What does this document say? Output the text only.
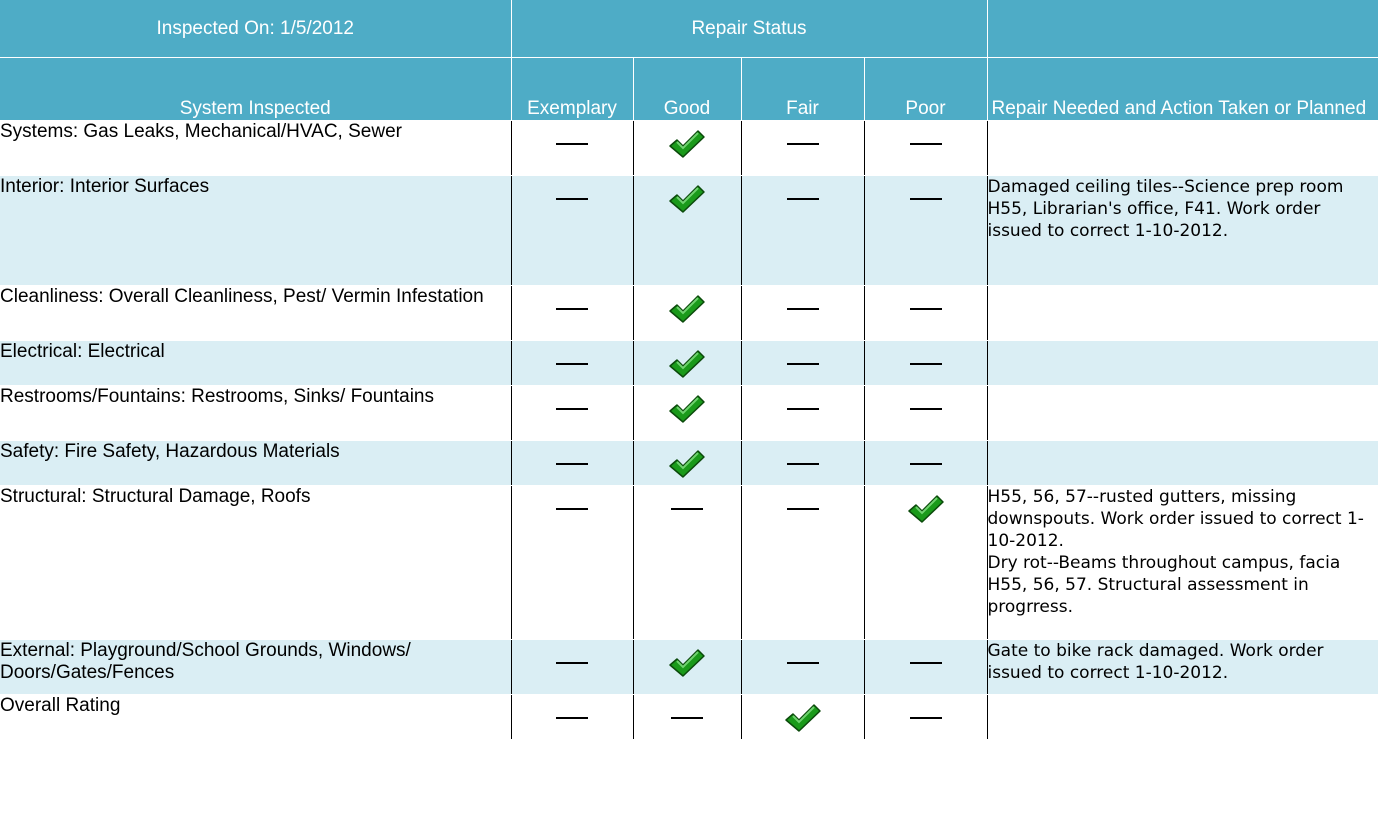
Inspected On: 1/5/2012	Repair Status				
System Inspected	Exemplary	Good	Fair	Poor	Repair Needed and Action Taken or Planned
Systems: Gas Leaks, Mechanical/HVAC, Sewer					
Interior: Interior Surfaces					Damaged ceiling tiles--Science prep room H55, Librarian's office, F41. Work order issued to correct 1-10-2012.

Cleanliness: Overall Cleanliness, Pest/ Vermin Infestation					
Electrical: Electrical					
Restrooms/Fountains: Restrooms, Sinks/ Fountains					
Safety: Fire Safety, Hazardous Materials					
Structural: Structural Damage, Roofs					H55, 56, 57--rusted gutters, missing downspouts. Work order issued to correct 1-10-2012.
Dry rot--Beams throughout campus, facia H55, 56, 57. Structural assessment in progrress.

External: Playground/School Grounds, Windows/ Doors/Gates/Fences					Gate to bike rack damaged. Work order issued to correct 1-10-2012.

Overall Rating					
